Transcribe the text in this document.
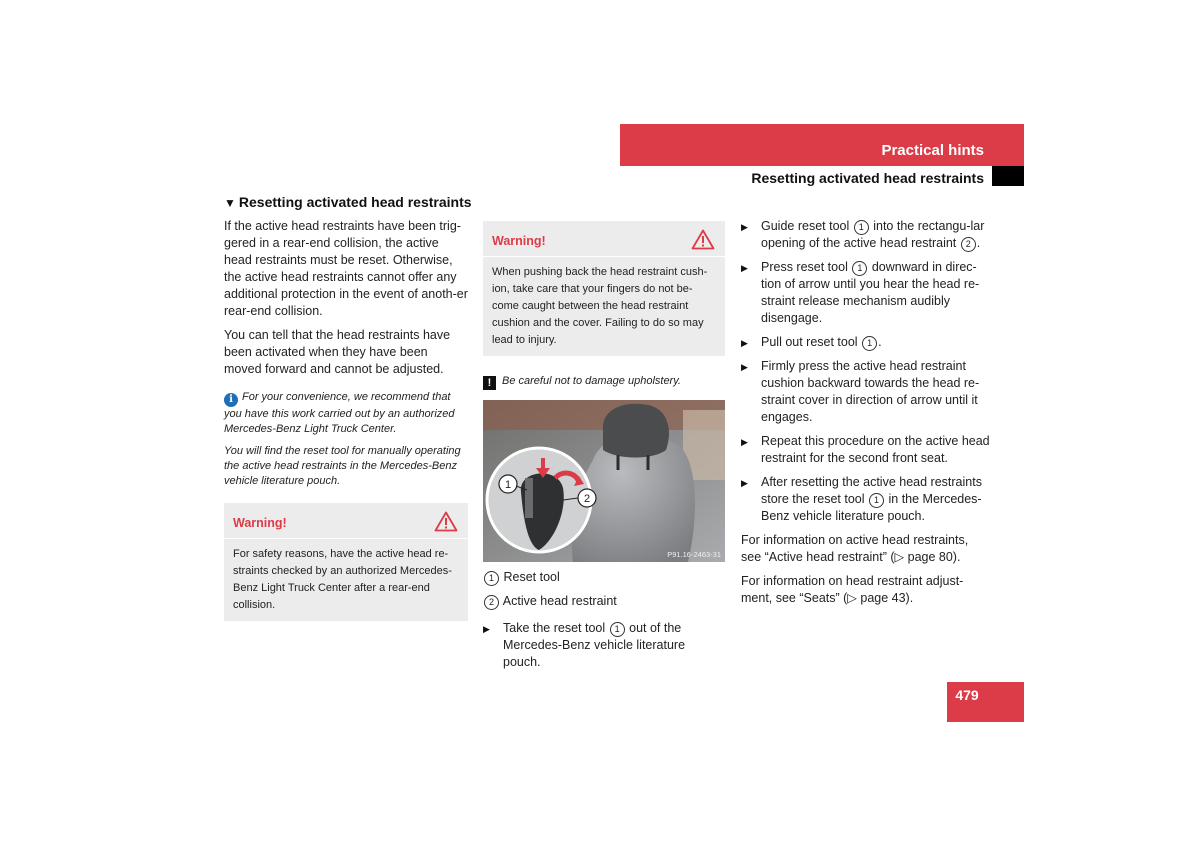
Practical hints
Resetting activated head restraints
▼ Resetting activated head restraints

If the active head restraints have been trig-gered in a rear-end collision, the active head restraints must be reset. Otherwise, the active head restraints cannot offer any additional protection in the event of anoth-er rear-end collision.

You can tell that the head restraints have been activated when they have been moved forward and cannot be adjusted.

i For your convenience, we recommend that you have this work carried out by an authorized Mercedes-Benz Light Truck Center.

You will find the reset tool for manually operating the active head restraints in the Mercedes-Benz vehicle literature pouch.

Warning!
For safety reasons, have the active head re-straints checked by an authorized Mercedes-Benz Light Truck Center after a rear-end collision.
Warning!
When pushing back the head restraint cush-ion, take care that your fingers do not be-come caught between the head restraint cushion and the cover. Failing to do so may lead to injury.

! Be careful not to damage upholstery.

1
2
P91.16-2463-31

1 Reset tool

2 Active head restraint

▶ Take the reset tool 1 out of the Mercedes-Benz vehicle literature pouch.
▶ Guide reset tool 1 into the rectangu-lar opening of the active head restraint 2 .
▶ Press reset tool 1 downward in direc-tion of arrow until you hear the head re-straint release mechanism audibly disengage.
▶ Pull out reset tool 1 .
▶ Firmly press the active head restraint cushion backward towards the head re-straint cover in direction of arrow until it engages.
▶ Repeat this procedure on the active head restraint for the second front seat.
▶ After resetting the active head restraints store the reset tool 1 in the Mercedes-Benz vehicle literature pouch.

For information on active head restraints, see “Active head restraint” (▷ page 80).

For information on head restraint adjust-ment, see “Seats” (▷ page 43).

479
